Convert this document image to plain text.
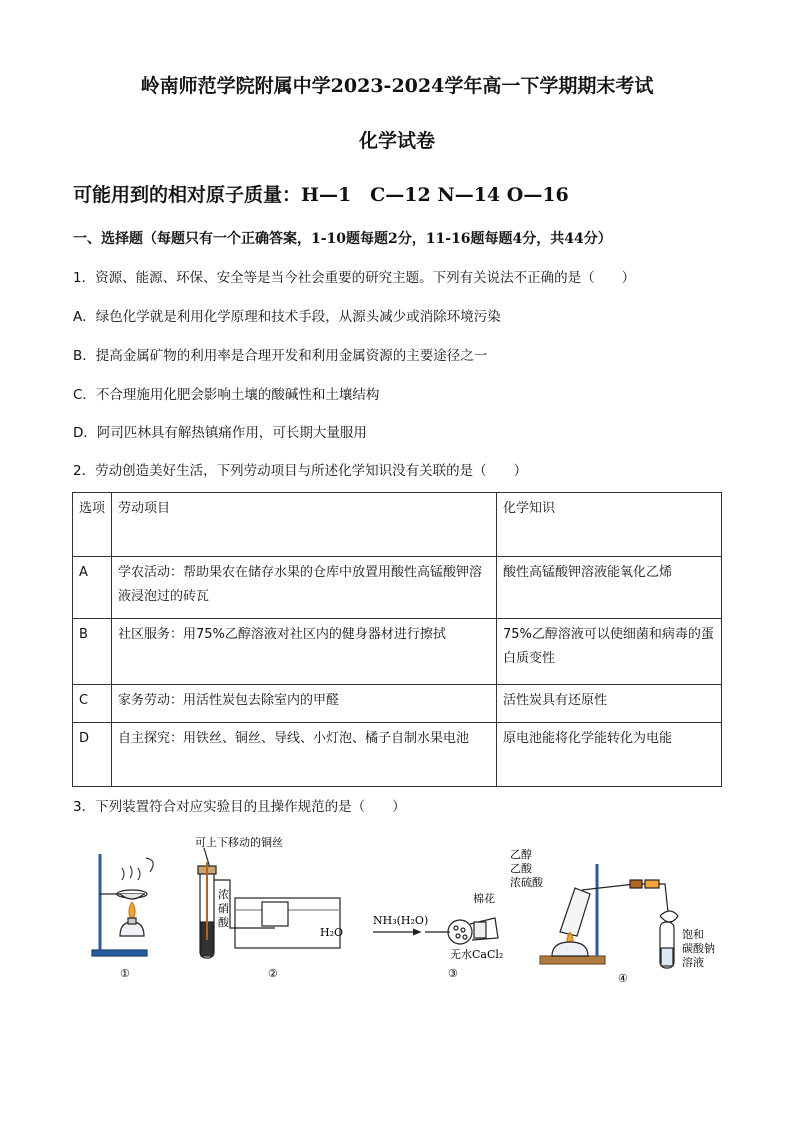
岭南师范学院附属中学2023-2024学年高一下学期期末考试
化学试卷
可能用到的相对原子质量：H—1　C—12 N—14 O—16
一、选择题（每题只有一个正确答案，1-10题每题2分，11-16题每题4分，共44分）
1．资源、能源、环保、安全等是当今社会重要的研究主题。下列有关说法不正确的是（　　）
A．绿色化学就是利用化学原理和技术手段，从源头减少或消除环境污染
B．提高金属矿物的利用率是合理开发和利用金属资源的主要途径之一
C．不合理施用化肥会影响土壤的酸碱性和土壤结构
D．阿司匹林具有解热镇痛作用，可长期大量服用
2．劳动创造美好生活，下列劳动项目与所述化学知识没有关联的是（　　）
选项	劳动项目	化学知识
A	学农活动：帮助果农在储存水果的仓库中放置用酸性高锰酸钾溶液浸泡过的砖瓦	酸性高锰酸钾溶液能氧化乙烯
B	社区服务：用75%乙醇溶液对社区内的健身器材进行擦拭	75%乙醇溶液可以使细菌和病毒的蛋白质变性
C	家务劳动：用活性炭包去除室内的甲醛	活性炭具有还原性
D	自主探究：用铁丝、铜丝、导线、小灯泡、橘子自制水果电池	原电池能将化学能转化为电能
3．下列装置符合对应实验目的且操作规范的是（　　）
①
可上下移动的铜丝
浓
硝
酸
H₂O
②
NH₃(H₂O)
棉花
无水CaCl₂
③
乙醇
乙酸
浓硫酸
饱和
碳酸钠
溶液
④
